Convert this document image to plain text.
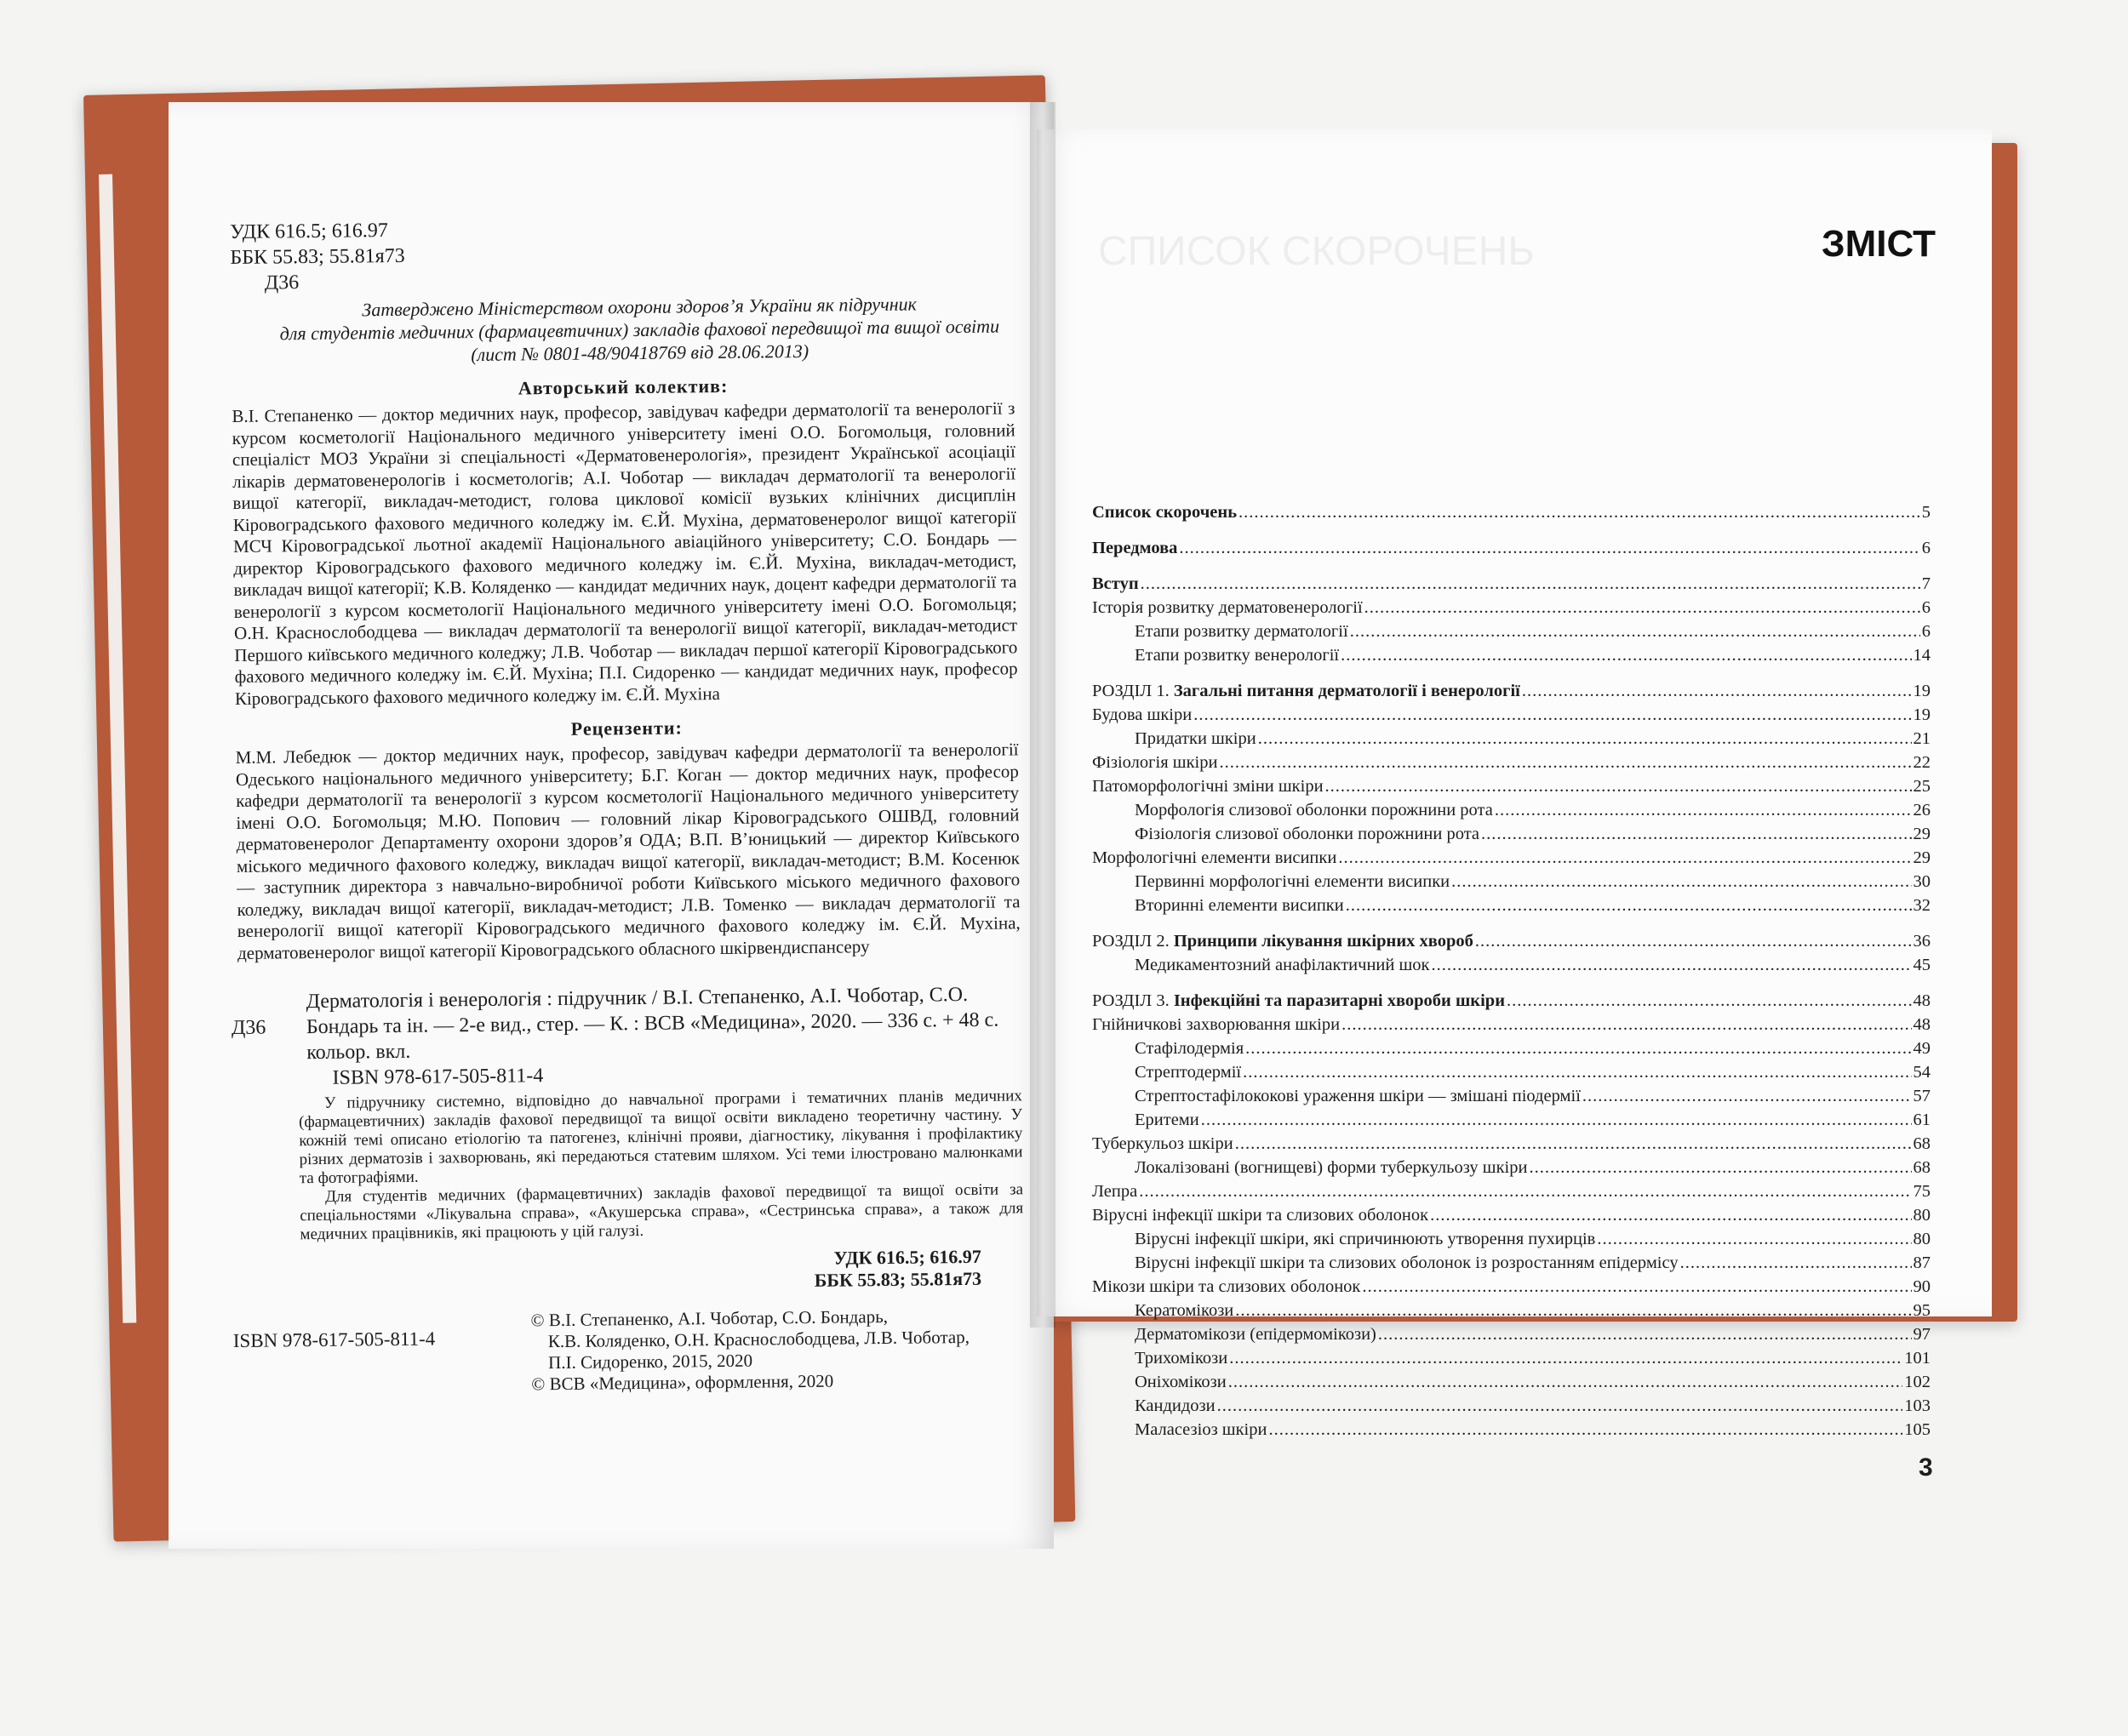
УДК 616.5; 616.97
ББК 55.83; 55.81я73
Д36
Затверджено Міністерством охорони здоров’я України як підручник
для студентів медичних (фармацевтичних) закладів фахової передвищої та вищої освіти
(лист № 0801-48/90418769 від 28.06.2013)
Авторський колектив:
В.І. Степаненко — доктор медичних наук, професор, завідувач кафедри дерматології та венерології з курсом косметології Національного медичного університету імені О.О. Богомольця, головний спеціаліст МОЗ України зі спеціальності «Дерматовенерологія», президент Української асоціації лікарів дерматовенерологів і косметологів; А.І. Чоботар — викладач дерматології та венерології вищої категорії, викладач-методист, голова циклової комісії вузьких клінічних дисциплін Кіровоградського фахового медичного коледжу ім. Є.Й. Мухіна, дерматовенеролог вищої категорії МСЧ Кіровоградської льотної академії Національного авіаційного університету; С.О. Бондарь — директор Кіровоградського фахового медичного коледжу ім. Є.Й. Мухіна, викладач-методист, викладач вищої категорії; К.В. Коляденко — кандидат медичних наук, доцент кафедри дерматології та венерології з курсом косметології Національного медичного університету імені О.О. Богомольця; О.Н. Краснослободцева — викладач дерматології та венерології вищої категорії, викладач-методист Першого київського медичного коледжу; Л.В. Чоботар — викладач першої категорії Кіровоградського фахового медичного коледжу ім. Є.Й. Мухіна; П.І. Сидоренко — кандидат медичних наук, професор Кіровоградського фахового медичного коледжу ім. Є.Й. Мухіна
Рецензенти:
М.М. Лебедюк — доктор медичних наук, професор, завідувач кафедри дерматології та венерології Одеського національного медичного університету; Б.Г. Коган — доктор медичних наук, професор кафедри дерматології та венерології з курсом косметології Національного медичного університету імені О.О. Богомольця; М.Ю. Попович — головний лікар Кіровоградського ОШВД, головний дерматовенеролог Департаменту охорони здоров’я ОДА; В.П. В’юницький — директор Київського міського медичного фахового коледжу, викладач вищої категорії, викладач-методист; В.М. Косенюк — заступник директора з навчально-виробничої роботи Київського міського медичного фахового коледжу, викладач вищої категорії, викладач-методист; Л.В. Томенко — викладач дерматології та венерології вищої категорії Кіровоградського медичного фахового коледжу ім. Є.Й. Мухіна, дерматовенеролог вищої категорії Кіровоградського обласного шкірвендиспансеру
Д36
Дерматологія і венерологія : підручник / В.І. Степаненко, А.І. Чоботар, С.О. Бондарь та ін. — 2-е вид., стер. — К. : ВСВ «Медицина», 2020. — 336 с. + 48 с. кольор. вкл.
ISBN 978-617-505-811-4

У підручнику системно, відповідно до навчальної програми і тематичних планів медичних (фармацевтичних) закладів фахової передвищої та вищої освіти викладено теоретичну частину. У кожній темі описано етіологію та патогенез, клінічні прояви, діагностику, лікування і профілактику різних дерматозів і захворювань, які передаються статевим шляхом. Усі теми ілюстровано малюнками та фотографіями.

Для студентів медичних (фармацевтичних) закладів фахової передвищої та вищої освіти за спеціальностями «Лікувальна справа», «Акушерська справа», «Сестринська справа», а також для медичних працівників, які працюють у цій галузі.

УДК 616.5; 616.97
ББК 55.83; 55.81я73
ISBN 978-617-505-811-4
© В.І. Степаненко, А.І. Чоботар, С.О. Бондарь,
К.В. Коляденко, О.Н. Краснослободцева, Л.В. Чоботар,
П.І. Сидоренко, 2015, 2020
© ВСВ «Медицина», оформлення, 2020
СПИСОК СКОРОЧЕНЬ	ЗМІСТ
Список скорочень .....	5
Передмова .....	6
Вступ .....	7
Історія розвитку дерматовенерології .....	6
Етапи розвитку дерматології .....	6
Етапи розвитку венерології .....	14
РОЗДІЛ 1. Загальні питання дерматології і венерології .....	19
Будова шкіри .....	19
Придатки шкіри .....	21
Фізіологія шкіри .....	22
Патоморфологічні зміни шкіри .....	25
Морфологія слизової оболонки порожнини рота .....	26
Фізіологія слизової оболонки порожнини рота .....	29
Морфологічні елементи висипки .....	29
Первинні морфологічні елементи висипки .....	30
Вторинні елементи висипки .....	32
РОЗДІЛ 2. Принципи лікування шкірних хвороб .....	36
Медикаментозний анафілактичний шок .....	45
РОЗДІЛ 3. Інфекційні та паразитарні хвороби шкіри .....	48
Гнійничкові захворювання шкіри .....	48
Стафілодермія .....	49
Стрептодермії .....	54
Стрептостафілококові ураження шкіри — змішані піодермії .....	57
Еритеми .....	61
Туберкульоз шкіри .....	68
Локалізовані (вогнищеві) форми туберкульозу шкіри .....	68
Лепра .....	75
Вірусні інфекції шкіри та слизових оболонок .....	80
Вірусні інфекції шкіри, які спричинюють утворення пухирців .....	80
Вірусні інфекції шкіри та слизових оболонок із розростанням епідермісу .....	87
Мікози шкіри та слизових оболонок .....	90
Кератомікози .....	95
Дерматомікози (епідермомікози) .....	97
Трихомікози .....	101
Оніхомікози .....	102
Кандидози .....	103
Маласезіоз шкіри .....	105
3
